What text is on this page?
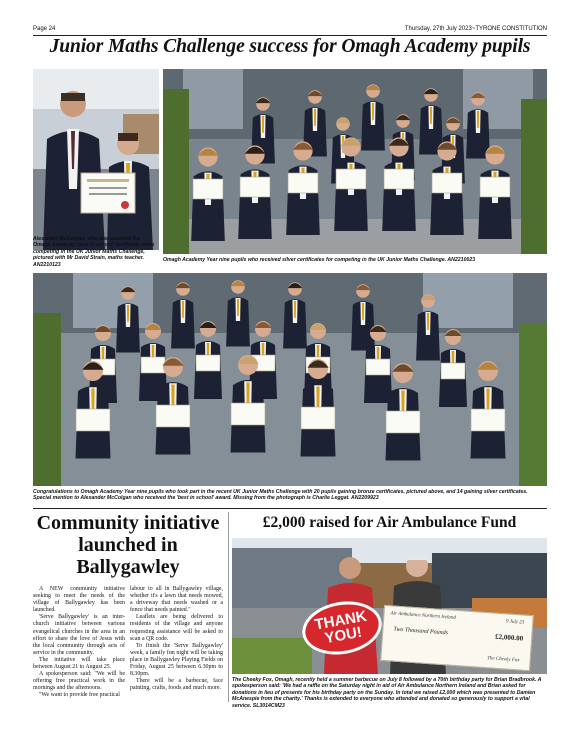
Page 24	Thursday, 27th July 2023~TYRONE CONSTITUTION
Junior Maths Challenge success for Omagh Academy pupils
Alexander McColgan, who was awarded the Omagh Academy 'best in school' certificate while competing in the UK Junior Maths Challenge, pictured with Mr David Strain, maths teacher. AN2210123
Omagh Academy Year nine pupils who received silver certificates for competing in the UK Junior Maths Challenge. AN2210023
Congratulations to Omagh Academy Year nine pupils who took part in the recent UK Junior Maths Challenge with 20 pupils gaining bronze certificates, pictured above, and 14 gaining silver certificates. Special mention to Alexander McColgan who received the 'best in school' award. Missing from the photograph is Charlie Leggat. AN2209923
Community initiative launched in Ballygawley

A NEW community initiative seeking to meet the needs of the village of Ballygawley has been launched.

'Serve Ballygawley' is an inter-church initiative between various evangelical churches in the area in an effort to share the love of Jesus with the local community through acts of service in the community.

The initiative will take place between August 21 to August 25.

A spokesperson said: "We will be offering free practical work in the mornings and the afternoons.

"We want to provide free practical

labour to all in Ballygawley village, whether it's a lawn that needs mowed, a driveway that needs washed or a fence that needs painted."

Leaflets are being delivered to residents of the village and anyone requesting assistance will be asked to scan a QR code.

To finish the 'Serve Ballygawley' week, a family fun night will be taking place in Ballygawley Playing Fields on Friday, August 25 between 6.30pm to 8.30pm.

There will be a barbecue, face painting, crafts, foods and much more.

£2,000 raised for Air Ambulance Fund
THANK YOU!
Air Ambulance Northern Ireland
9 July 23
Two Thousand Pounds
£2,000.00
The Cheeky Fox
The Cheeky Fox, Omagh, recently held a summer barbecue on July 8 followed by a 70th birthday party for Brian Bradbrook. A spokesperson said: 'We had a raffle on the Saturday night in aid of Air Ambulance Northern Ireland and Brian asked for donations in lieu of presents for his birthday party on the Sunday. In total we raised £2,000 which was presented to Damien McAnespie from the charity.' Thanks is extended to everyone who attended and donated so generously to support a vital service. SL3014CM23
